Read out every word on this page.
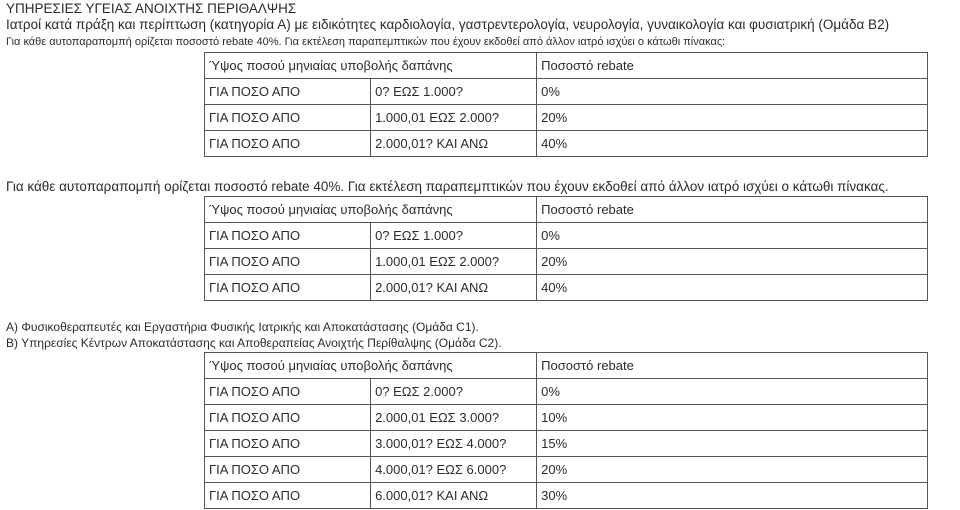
ΥΠΗΡΕΣΙΕΣ ΥΓΕΙΑΣ ΑΝΟΙΧΤΗΣ ΠΕΡΙΘΑΛΨΗΣ
Ιατροί κατά πράξη και περίπτωση (κατηγορία Α) με ειδικότητες καρδιολογία, γαστρεντερολογία, νευρολογία, γυναικολογία και φυσιατρική (Ομάδα Β2)
Για κάθε αυτοπαραπομπή ορίζεται ποσοστό rebate 40%. Για εκτέλεση παραπεμπτικών που έχουν εκδοθεί από άλλον ιατρό ισχύει ο κάτωθι πίνακας:
Ύψος ποσού μηνιαίας υποβολής δαπάνης		Ποσοστό rebate
ΓΙΑ ΠΟΣΟ ΑΠΟ	0? ΕΩΣ 1.000?	0%
ΓΙΑ ΠΟΣΟ ΑΠΟ	1.000,01 ΕΩΣ 2.000?	20%
ΓΙΑ ΠΟΣΟ ΑΠΟ	2.000,01? ΚΑΙ ΑΝΩ	40%
Για κάθε αυτοπαραπομπή ορίζεται ποσοστό rebate 40%. Για εκτέλεση παραπεμπτικών που έχουν εκδοθεί από άλλον ιατρό ισχύει ο κάτωθι πίνακας.
Ύψος ποσού μηνιαίας υποβολής δαπάνης		Ποσοστό rebate
ΓΙΑ ΠΟΣΟ ΑΠΟ	0? ΕΩΣ 1.000?	0%
ΓΙΑ ΠΟΣΟ ΑΠΟ	1.000,01 ΕΩΣ 2.000?	20%
ΓΙΑ ΠΟΣΟ ΑΠΟ	2.000,01? ΚΑΙ ΑΝΩ	40%
Α) Φυσικοθεραπευτές και Εργαστήρια Φυσικής Ιατρικής και Αποκατάστασης (Ομάδα C1).
Β) Υπηρεσίες Κέντρων Αποκατάστασης και Αποθεραπείας Ανοιχτής Περίθαλψης (Ομάδα C2).
Ύψος ποσού μηνιαίας υποβολής δαπάνης		Ποσοστό rebate
ΓΙΑ ΠΟΣΟ ΑΠΟ	0? ΕΩΣ 2.000?	0%
ΓΙΑ ΠΟΣΟ ΑΠΟ	2.000,01 ΕΩΣ 3.000?	10%
ΓΙΑ ΠΟΣΟ ΑΠΟ	3.000,01? ΕΩΣ 4.000?	15%
ΓΙΑ ΠΟΣΟ ΑΠΟ	4.000,01? ΕΩΣ 6.000?	20%
ΓΙΑ ΠΟΣΟ ΑΠΟ	6.000,01? ΚΑΙ ΑΝΩ	30%
